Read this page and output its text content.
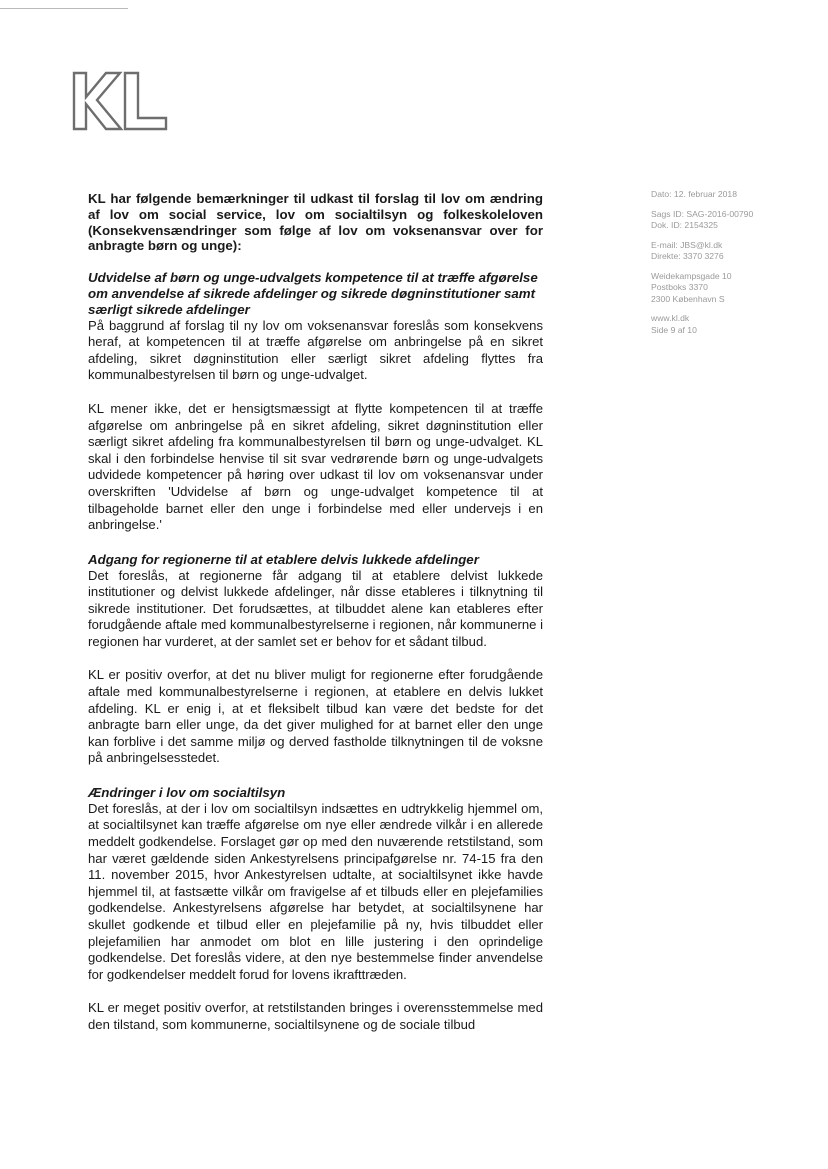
KL har følgende bemærkninger til udkast til forslag til lov om ændring af lov om social service, lov om socialtilsyn og folkeskoleloven (Konsekvensændringer som følge af lov om voksenansvar over for anbragte børn og unge):

Udvidelse af børn og unge-udvalgets kompetence til at træffe afgørelse om anvendelse af sikrede afdelinger og sikrede døgninstitutioner samt særligt sikrede afdelinger

På baggrund af forslag til ny lov om voksenansvar foreslås som konsekvens heraf, at kompetencen til at træffe afgørelse om anbringelse på en sikret afdeling, sikret døgninstitution eller særligt sikret afdeling flyttes fra kommunalbestyrelsen til børn og unge-udvalget.

KL mener ikke, det er hensigtsmæssigt at flytte kompetencen til at træffe afgørelse om anbringelse på en sikret afdeling, sikret døgninstitution eller særligt sikret afdeling fra kommunalbestyrelsen til børn og unge-udvalget. KL skal i den forbindelse henvise til sit svar vedrørende børn og unge-udvalgets udvidede kompetencer på høring over udkast til lov om voksenansvar under overskriften 'Udvidelse af børn og unge-udvalget kompetence til at tilbageholde barnet eller den unge i forbindelse med eller undervejs i en anbringelse.'

Adgang for regionerne til at etablere delvis lukkede afdelinger

Det foreslås, at regionerne får adgang til at etablere delvist lukkede institutioner og delvist lukkede afdelinger, når disse etableres i tilknytning til sikrede institutioner. Det forudsættes, at tilbuddet alene kan etableres efter forudgående aftale med kommunalbestyrelserne i regionen, når kommunerne i regionen har vurderet, at der samlet set er behov for et sådant tilbud.

KL er positiv overfor, at det nu bliver muligt for regionerne efter forudgående aftale med kommunalbestyrelserne i regionen, at etablere en delvis lukket afdeling. KL er enig i, at et fleksibelt tilbud kan være det bedste for det anbragte barn eller unge, da det giver mulighed for at barnet eller den unge kan forblive i det samme miljø og derved fastholde tilknytningen til de voksne på anbringelsesstedet.

Ændringer i lov om socialtilsyn

Det foreslås, at der i lov om socialtilsyn indsættes en udtrykkelig hjemmel om, at socialtilsynet kan træffe afgørelse om nye eller ændrede vilkår i en allerede meddelt godkendelse. Forslaget gør op med den nuværende retstilstand, som har været gældende siden Ankestyrelsens principafgørelse nr. 74-15 fra den 11. november 2015, hvor Ankestyrelsen udtalte, at socialtilsynet ikke havde hjemmel til, at fastsætte vilkår om fravigelse af et tilbuds eller en plejefamilies godkendelse. Ankestyrelsens afgørelse har betydet, at socialtilsynene har skullet godkende et tilbud eller en plejefamilie på ny, hvis tilbuddet eller plejefamilien har anmodet om blot en lille justering i den oprindelige godkendelse. Det foreslås videre, at den nye bestemmelse finder anvendelse for godkendelser meddelt forud for lovens ikrafttræden.

KL er meget positiv overfor, at retstilstanden bringes i overensstemmelse med den tilstand, som kommunerne, socialtilsynene og de sociale tilbud

Dato: 12. februar 2018
Sags ID: SAG-2016-00790
Dok. ID: 2154325
E-mail: JBS@kl.dk
Direkte: 3370 3276
Weidekampsgade 10
Postboks 3370
2300 København S
www.kl.dk
Side 9 af 10
